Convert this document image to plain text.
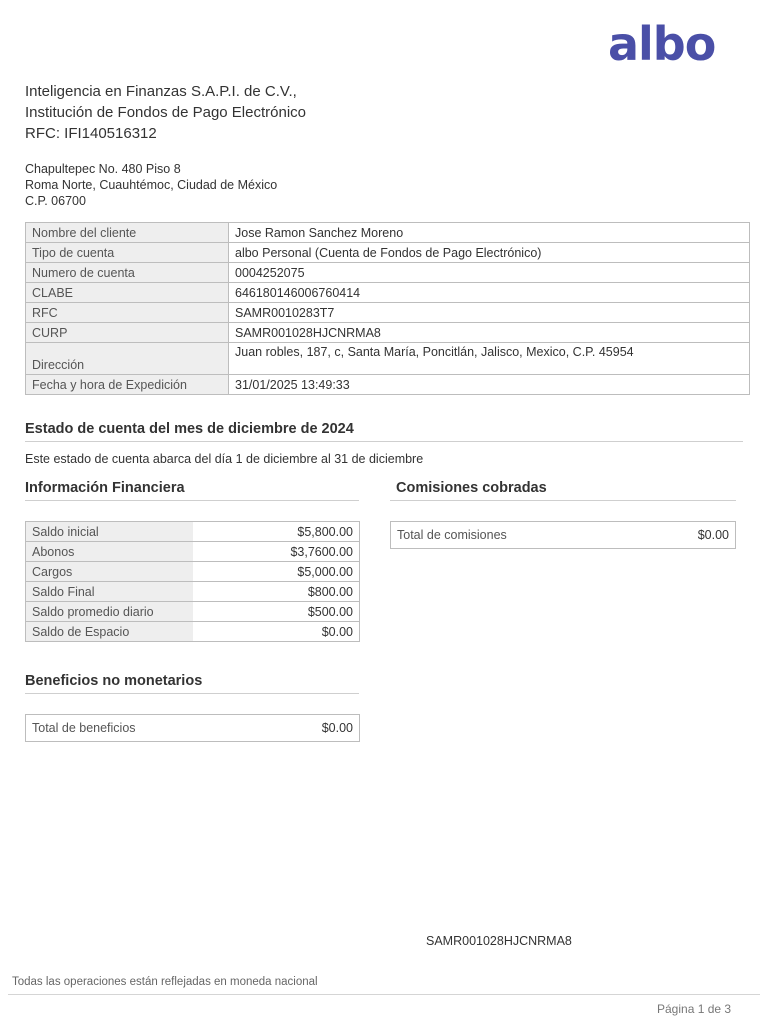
albo
Inteligencia en Finanzas S.A.P.I. de C.V.,
Institución de Fondos de Pago Electrónico
RFC: IFI140516312
Chapultepec No. 480 Piso 8
Roma Norte, Cuauhtémoc, Ciudad de México
C.P. 06700
Nombre del cliente	Jose Ramon Sanchez Moreno
Tipo de cuenta	albo Personal (Cuenta de Fondos de Pago Electrónico)
Numero de cuenta	0004252075
CLABE	646180146006760414
RFC	SAMR0010283T7
CURP	SAMR001028HJCNRMA8
Dirección	Juan robles, 187, c, Santa María, Poncitlán, Jalisco, Mexico, C.P. 45954
Fecha y hora de Expedición	31/01/2025 13:49:33
Estado de cuenta del mes de diciembre de 2024
Este estado de cuenta abarca del día 1 de diciembre al 31 de diciembre
Información Financiera
Saldo inicial	$5,800.00
Abonos	$3,7600.00
Cargos	$5,000.00
Saldo Final	$800.00
Saldo promedio diario	$500.00
Saldo de Espacio	$0.00
Comisiones cobradas
Total de comisiones	$0.00
Beneficios no monetarios
Total de beneficios	$0.00
SAMR001028HJCNRMA8
Todas las operaciones están reflejadas en moneda nacional
Página 1 de 3
